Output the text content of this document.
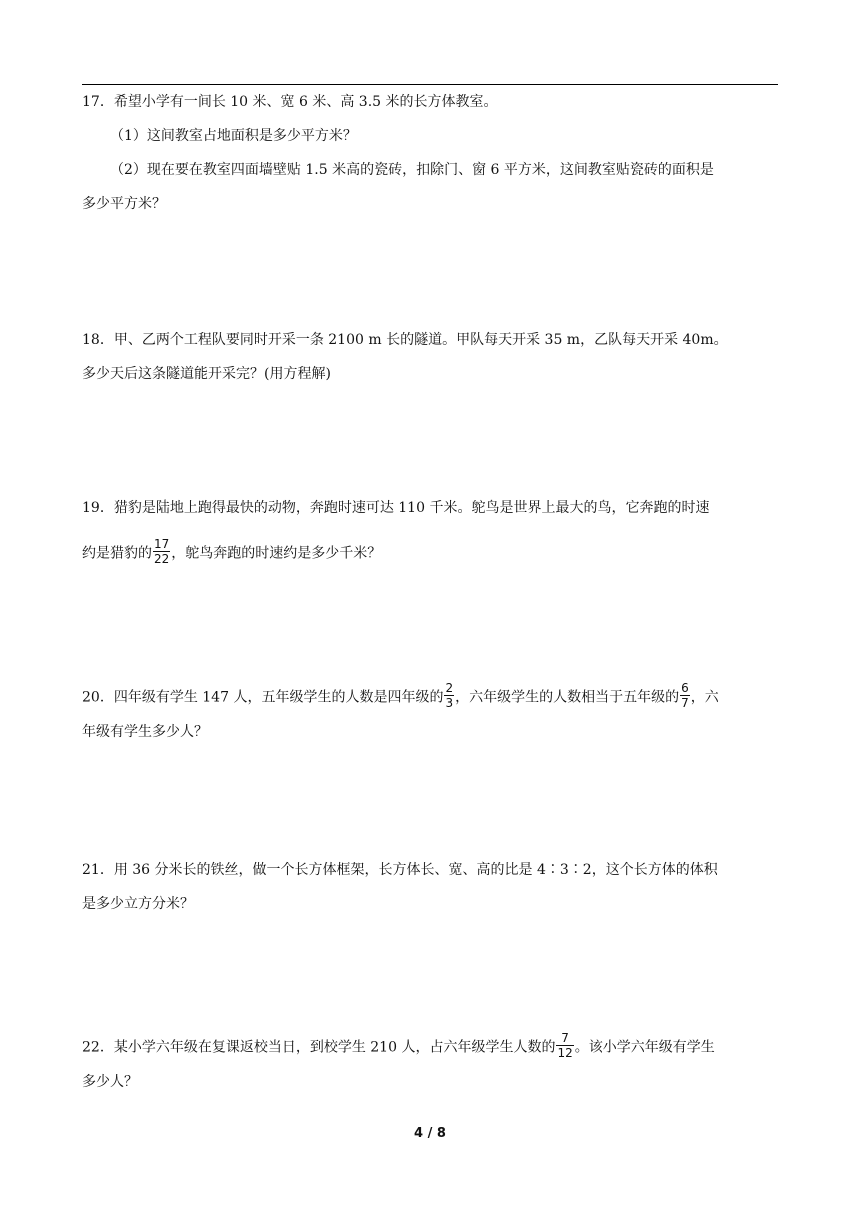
17．希望小学有一间长 10 米、宽 6 米、高 3.5 米的长方体教室。
（1）这间教室占地面积是多少平方米？
（2）现在要在教室四面墙壁贴 1.5 米高的瓷砖，扣除门、窗 6 平方米，这间教室贴瓷砖的面积是
多少平方米？
18．甲、乙两个工程队要同时开采一条 2100 m 长的隧道。甲队每天开采 35 m，乙队每天开采 40m。
多少天后这条隧道能开采完？(用方程解)
19．猎豹是陆地上跑得最快的动物，奔跑时速可达 110 千米。鸵鸟是世界上最大的鸟，它奔跑的时速
约是猎豹的 $\frac{17}{22}$ ，鸵鸟奔跑的时速约是多少千米？
20．四年级有学生 147 人，五年级学生的人数是四年级的 $\frac{2}{3}$ ，六年级学生的人数相当于五年级的 $\frac{6}{7}$ ，六
年级有学生多少人？
21．用 36 分米长的铁丝，做一个长方体框架，长方体长、宽、高的比是 4∶3∶2，这个长方体的体积
是多少立方分米？
22．某小学六年级在复课返校当日，到校学生 210 人，占六年级学生人数的 $\frac{7}{12}$ 。该小学六年级有学生
多少人？
4 / 8
